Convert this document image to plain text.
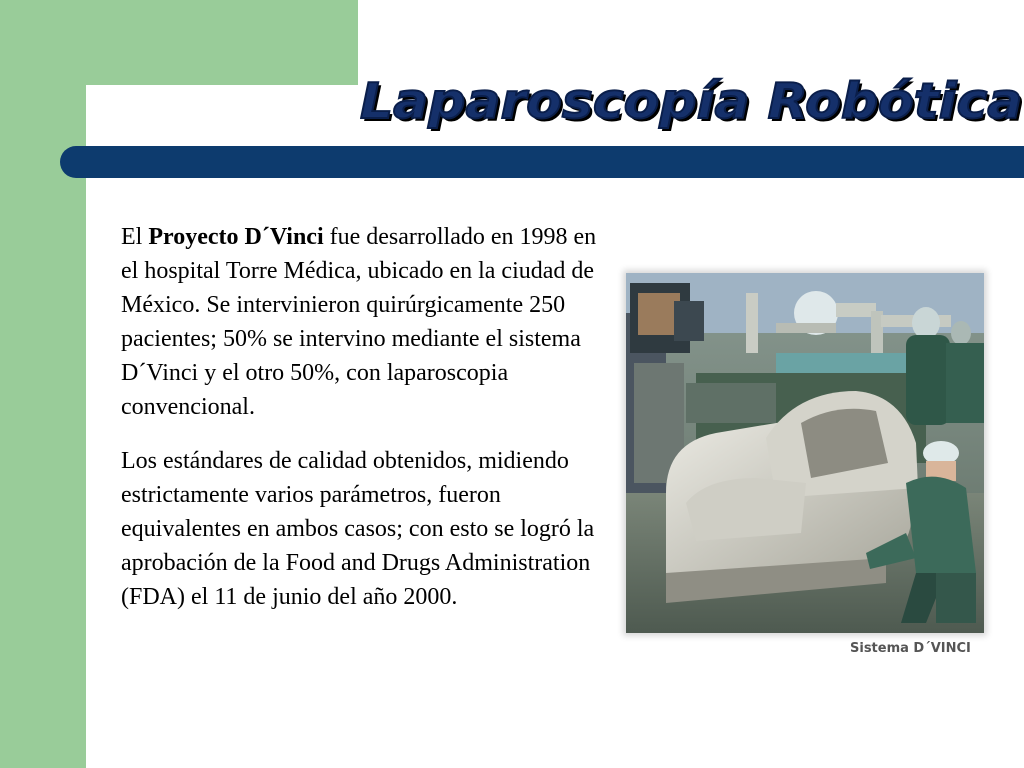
Laparoscopía Robótica

El Proyecto D´Vinci fue desarrollado en 1998 en el hospital Torre Médica, ubicado en la ciudad de México. Se intervinieron quirúrgicamente 250 pacientes; 50% se intervino mediante el sistema D´Vinci y el otro 50%, con laparoscopia convencional.

Los estándares de calidad obtenidos, midiendo estrictamente varios parámetros, fueron equivalentes en ambos casos; con esto se logró la aprobación de la Food and Drugs Administration (FDA) el 11 de junio del año 2000.

Sistema D´VINCI
